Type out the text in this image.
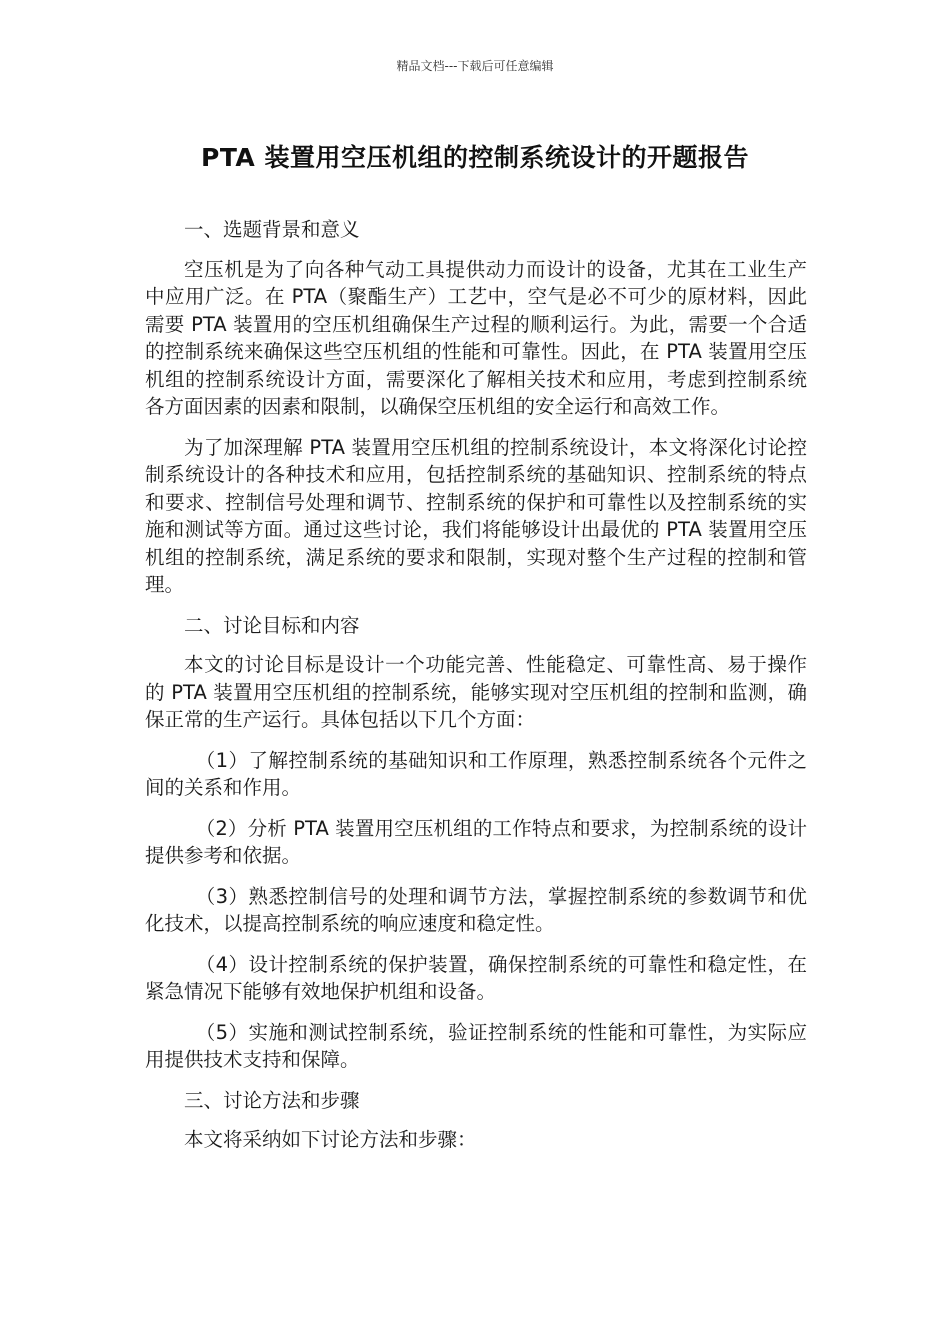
精品文档---下载后可任意编辑
PTA 装置用空压机组的控制系统设计的开题报告

一、选题背景和意义

空压机是为了向各种气动工具提供动力而设计的设备，尤其在工业生产中应用广泛。在 PTA（聚酯生产）工艺中，空气是必不可少的原材料，因此需要 PTA 装置用的空压机组确保生产过程的顺利运行。为此，需要一个合适的控制系统来确保这些空压机组的性能和可靠性。因此，在 PTA 装置用空压机组的控制系统设计方面，需要深化了解相关技术和应用，考虑到控制系统各方面因素的因素和限制，以确保空压机组的安全运行和高效工作。

为了加深理解 PTA 装置用空压机组的控制系统设计，本文将深化讨论控制系统设计的各种技术和应用，包括控制系统的基础知识、控制系统的特点和要求、控制信号处理和调节、控制系统的保护和可靠性以及控制系统的实施和测试等方面。通过这些讨论，我们将能够设计出最优的 PTA 装置用空压机组的控制系统，满足系统的要求和限制，实现对整个生产过程的控制和管理。

二、讨论目标和内容

本文的讨论目标是设计一个功能完善、性能稳定、可靠性高、易于操作的 PTA 装置用空压机组的控制系统，能够实现对空压机组的控制和监测，确保正常的生产运行。具体包括以下几个方面：

（1）了解控制系统的基础知识和工作原理，熟悉控制系统各个元件之间的关系和作用。

（2）分析 PTA 装置用空压机组的工作特点和要求，为控制系统的设计提供参考和依据。

（3）熟悉控制信号的处理和调节方法，掌握控制系统的参数调节和优化技术，以提高控制系统的响应速度和稳定性。

（4）设计控制系统的保护装置，确保控制系统的可靠性和稳定性，在紧急情况下能够有效地保护机组和设备。

（5）实施和测试控制系统，验证控制系统的性能和可靠性，为实际应用提供技术支持和保障。

三、讨论方法和步骤

本文将采纳如下讨论方法和步骤：
